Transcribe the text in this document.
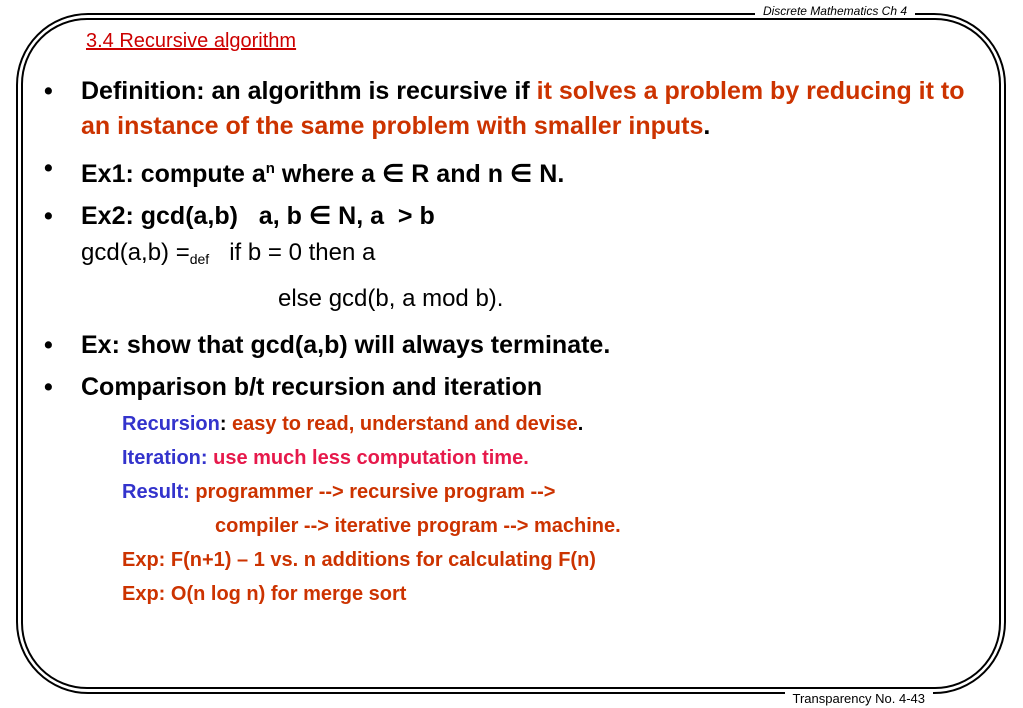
Discrete Mathematics Ch 4
Transparency No. 4-43
3.4 Recursive algorithm
• Definition: an algorithm is recursive if it solves a problem by reducing it to an instance of the same problem with smaller inputs.
• Ex1: compute $a^n$ where a ∈ R and n ∈ N.
• Ex2: gcd(a,b)   a, b ∈ N, a  > b
$\gcd(a,b) =_{def}$   if b = 0 then a
else gcd(b, a mod b).
• Ex: show that gcd(a,b) will always terminate.
• Comparison b/t recursion and iteration
Recursion: easy to read, understand and devise.
Iteration: use much less computation time.
Result: programmer --> recursive program -->
compiler --> iterative program --> machine.
Exp: F(n+1) – 1 vs. n additions for calculating F(n)
Exp: O(n log n) for merge sort
